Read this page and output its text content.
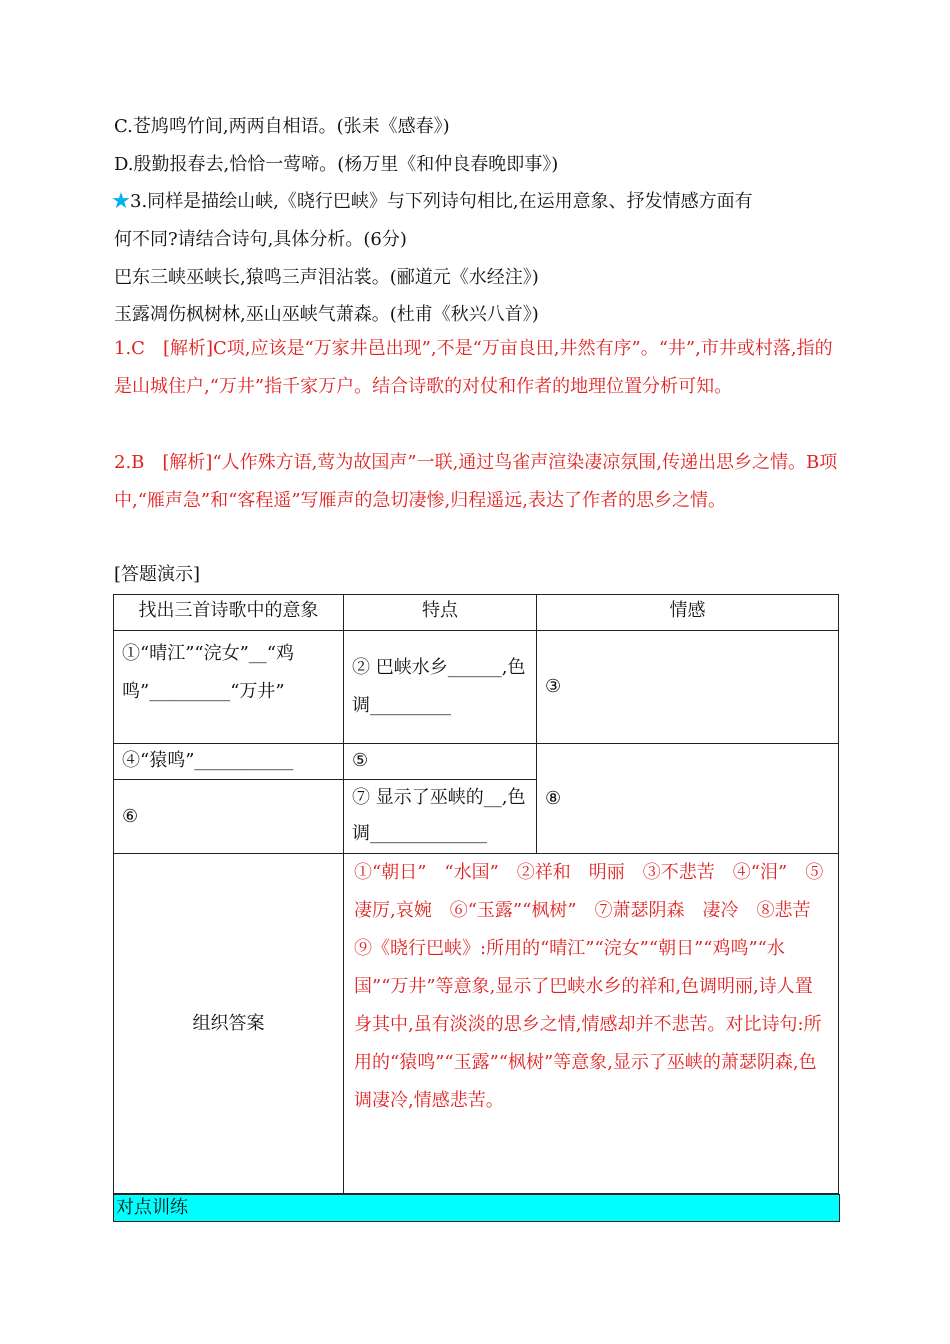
C.苍鸠鸣竹间,两两自相语。(张耒《感春》)
D.殷勤报春去,恰恰一莺啼。(杨万里《和仲良春晚即事》)
★3.同样是描绘山峡,《晓行巴峡》与下列诗句相比,在运用意象、抒发情感方面有
何不同?请结合诗句,具体分析。(6分)
巴东三峡巫峡长,猿鸣三声泪沾裳。(郦道元《水经注》)
玉露凋伤枫树林,巫山巫峡气萧森。(杜甫《秋兴八首》)
1.C　[解析]C项,应该是“万家井邑出现”,不是“万亩良田,井然有序”。“井”,市井或村落,指的是山城住户,“万井”指千家万户。结合诗歌的对仗和作者的地理位置分析可知。
2.B　[解析]“人作殊方语,莺为故国声”一联,通过鸟雀声渲染凄凉氛围,传递出思乡之情。B项中,“雁声急”和“客程遥”写雁声的急切凄惨,归程遥远,表达了作者的思乡之情。
[答题演示]
找出三首诗歌中的意象	特点	情感
①“晴江”“浣女”__“鸡鸣”_________“万井”	② 巴峡水乡______,色调_________	③
④“猿鸣”___________	⑤	⑧
⑥	⑦ 显示了巫峡的__,色调_____________	
组织答案	①“朝日”　“水国”　②祥和　明丽　③不悲苦　④“泪”　⑤凄厉,哀婉　⑥“玉露”“枫树”　⑦萧瑟阴森　凄冷　⑧悲苦　⑨《晓行巴峡》:所用的“晴江”“浣女”“朝日”“鸡鸣”“水国”“万井”等意象,显示了巴峡水乡的祥和,色调明丽,诗人置身其中,虽有淡淡的思乡之情,情感却并不悲苦。对比诗句:所用的“猿鸣”“玉露”“枫树”等意象,显示了巫峡的萧瑟阴森,色调凄冷,情感悲苦。	
对点训练
